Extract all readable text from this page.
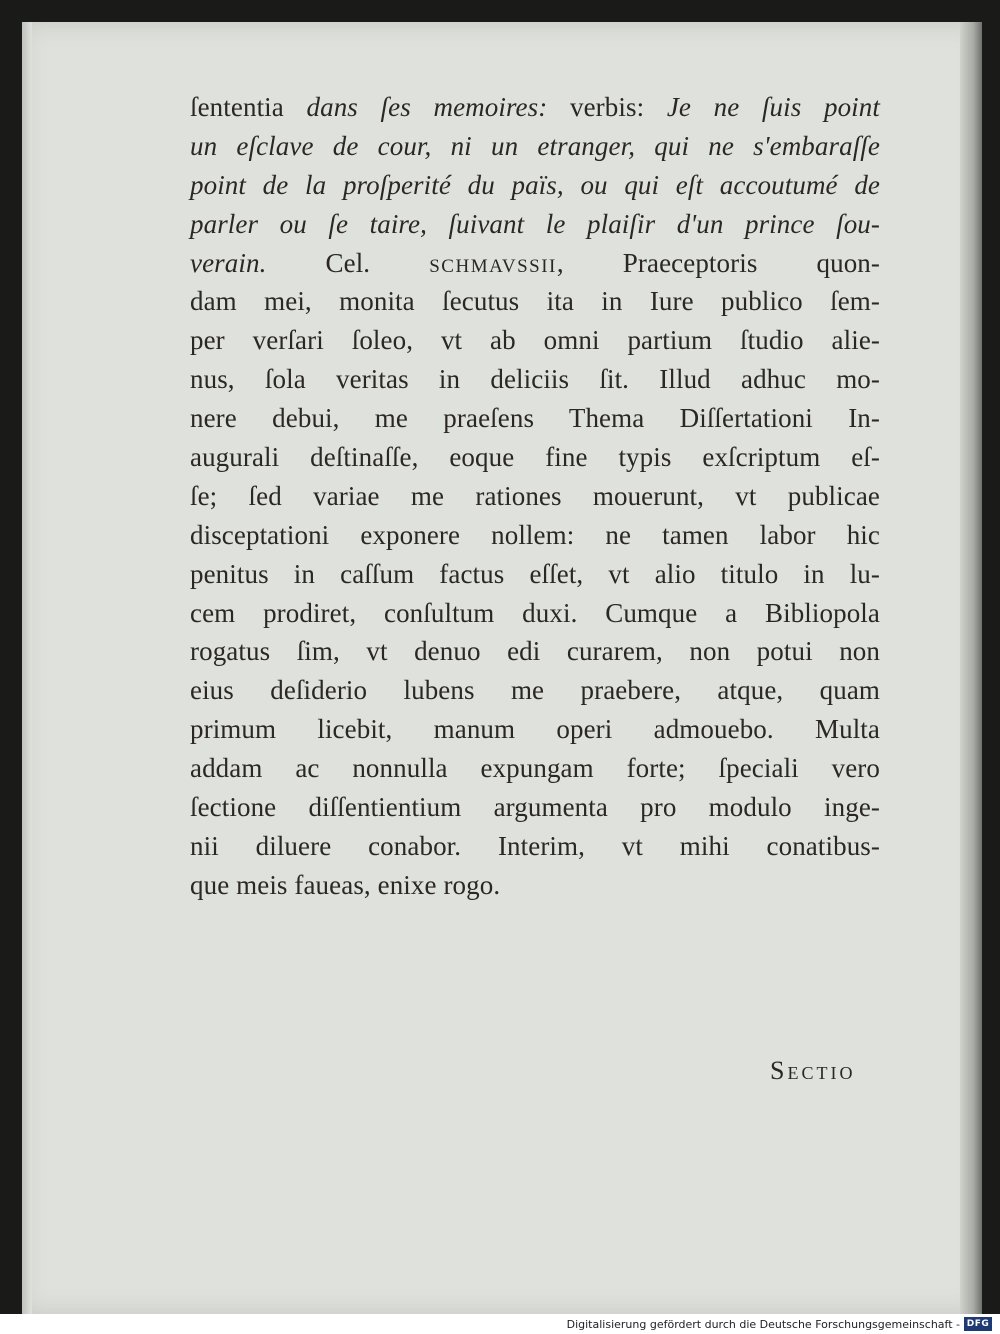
ſententia dans ſes memoires: verbis: Je ne ſuis point
un eſclave de cour, ni un etranger, qui ne s'embaraſſe
point de la proſperité du païs, ou qui eſt accoutumé de
parler ou ſe taire, ſuivant le plaiſir d'un prince ſou-
verain. Cel. schmavssii, Praeceptoris quon-
dam mei, monita ſecutus ita in Iure publico ſem-
per verſari ſoleo, vt ab omni partium ſtudio alie-
nus, ſola veritas in deliciis ſit. Illud adhuc mo-
nere debui, me praeſens Thema Diſſertationi In-
augurali deſtinaſſe, eoque fine typis exſcriptum eſ-
ſe; ſed variae me rationes mouerunt, vt publicae
disceptationi exponere nollem: ne tamen labor hic
penitus in caſſum factus eſſet, vt alio titulo in lu-
cem prodiret, conſultum duxi. Cumque a Bibliopola
rogatus ſim, vt denuo edi curarem, non potui non
eius deſiderio lubens me praebere, atque, quam
primum licebit, manum operi admouebo. Multa
addam ac nonnulla expungam forte; ſpeciali vero
ſectione diſſentientium argumenta pro modulo inge-
nii diluere conabor. Interim, vt mihi conatibus-
que meis faueas, enixe rogo.
Sectio
Digitalisierung gefördert durch die Deutsche Forschungsgemeinschaft - DFG
